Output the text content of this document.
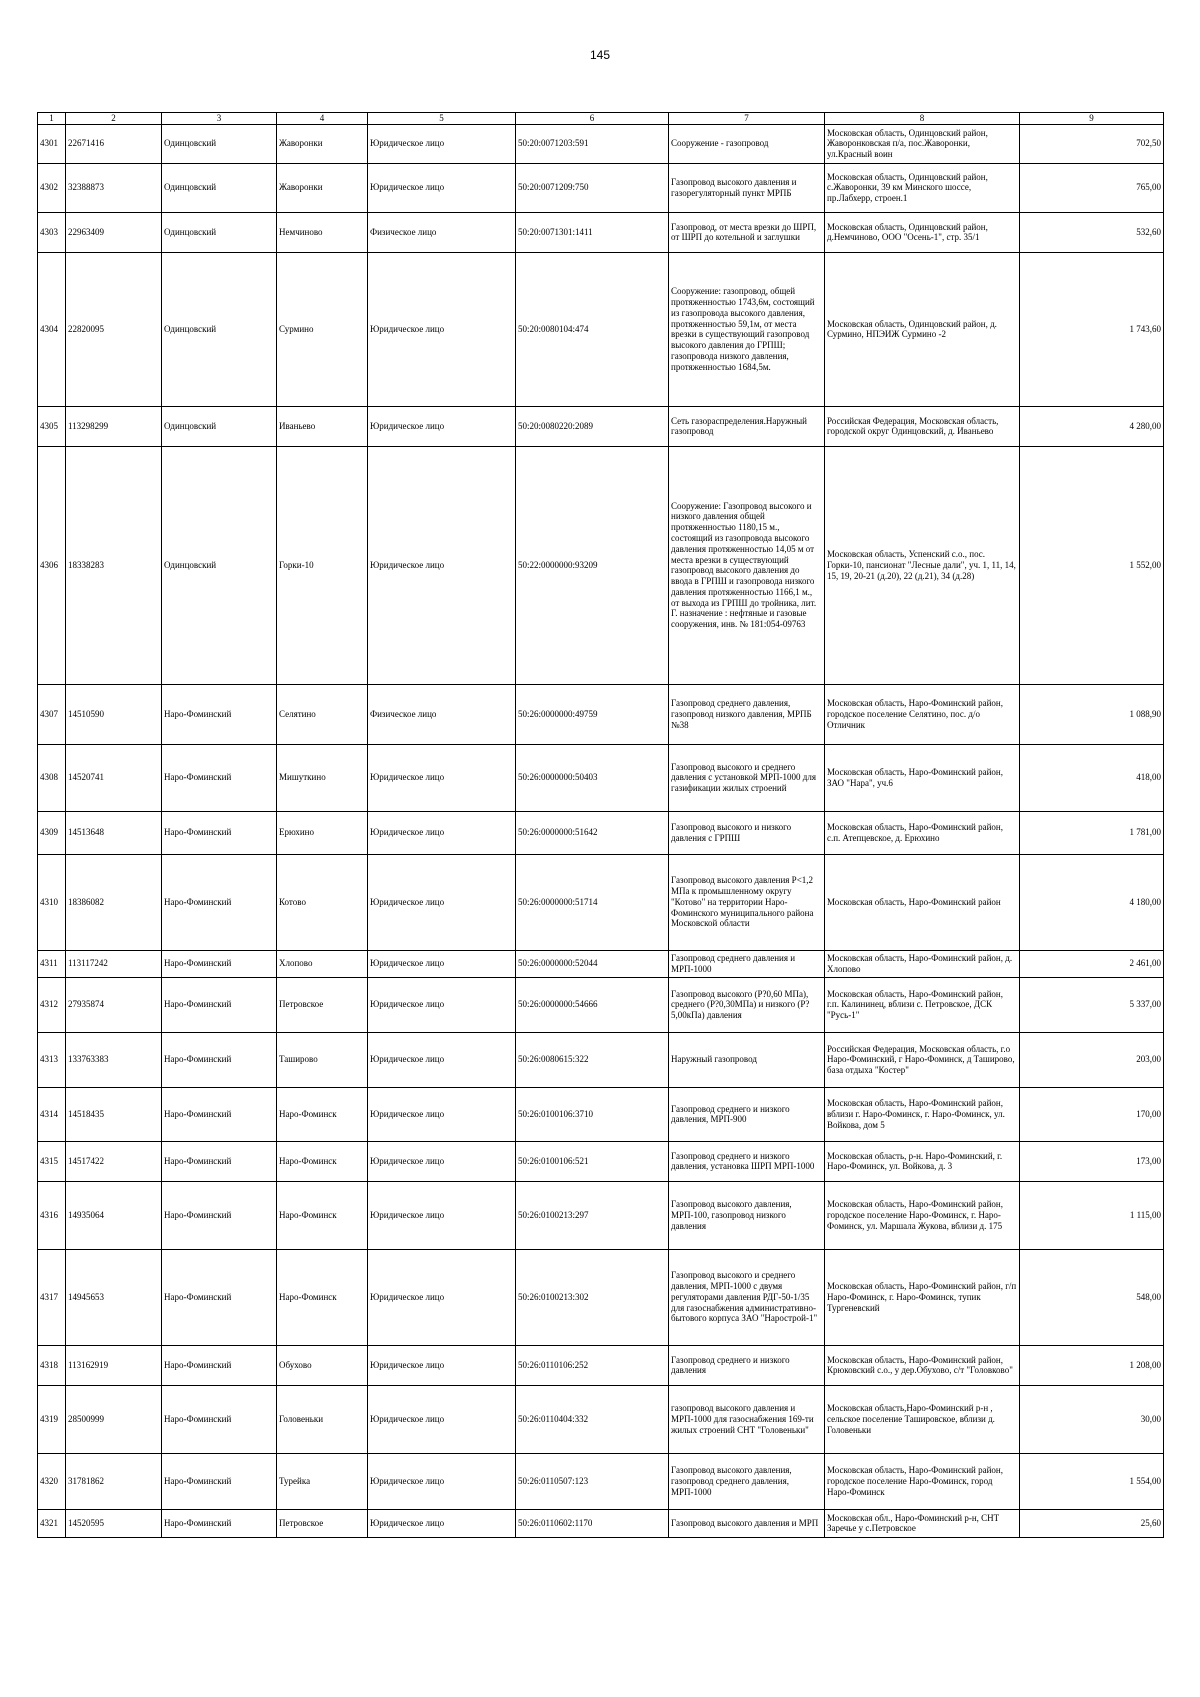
145
1	2	3	4	5	6	7	8	9
4301	22671416	Одинцовский	Жаворонки	Юридическое лицо	50:20:0071203:591	Сооружение - газопровод	Московская область, Одинцовский район, Жаворонковская п/а, пос.Жаворонки, ул.Красный воин	702,50
4302	32388873	Одинцовский	Жаворонки	Юридическое лицо	50:20:0071209:750	Газопровод высокого давления и газорегуляторный пункт МРПБ	Московская область, Одинцовский район, с.Жаворонки, 39 км Минского шоссе, пр.Лабхерр, строен.1	765,00
4303	22963409	Одинцовский	Немчиново	Физическое лицо	50:20:0071301:1411	Газопровод, от места врезки до ШРП, от ШРП до котельной и заглушки	Московская область, Одинцовский район, д.Немчиново, ООО "Осень-1", стр. 35/1	532,60
4304	22820095	Одинцовский	Сурмино	Юридическое лицо	50:20:0080104:474	Сооружение: газопровод, общей протяженностью 1743,6м, состоящий из газопровода высокого давления, протяженностью 59,1м, от места врезки в существующий газопровод высокого давления до ГРПШ; газопровода низкого давления, протяженностью 1684,5м.	Московская область, Одинцовский район, д. Сурмино, НПЭИЖ Сурмино -2	1 743,60
4305	113298299	Одинцовский	Иваньево	Юридическое лицо	50:20:0080220:2089	Сеть газораспределения.Наружный газопровод	Российская Федерация, Московская область, городской округ Одинцовский, д. Иваньево	4 280,00
4306	18338283	Одинцовский	Горки-10	Юридическое лицо	50:22:0000000:93209	Сооружение: Газопровод высокого и низкого давления общей протяженностью 1180,15 м., состоящий из газопровода высокого давления протяженностью 14,05 м от места врезки в существующий газопровод высокого давления до ввода в ГРПШ и газопровода низкого давления протяженностью 1166,1 м., от выхода из ГРПШ до тройника, лит. Г. назначение : нефтяные и газовые сооружения, инв. № 181:054-09763	Московская область, Успенский с.о., пос. Горки-10, пансионат "Лесные дали", уч. 1, 11, 14, 15, 19, 20-21 (д.20), 22 (д.21), 34 (д.28)	1 552,00
4307	14510590	Наро-Фоминский	Селятино	Физическое лицо	50:26:0000000:49759	Газопровод среднего давления, газопровод низкого давления, МРПБ №38	Московская область, Наро-Фоминский район, городское поселение Селятино, пос. д/о Отличник	1 088,90
4308	14520741	Наро-Фоминский	Мишуткино	Юридическое лицо	50:26:0000000:50403	Газопровод высокого и среднего давления с установкой МРП-1000 для газификации жилых строений	Московская область, Наро-Фоминский район, ЗАО "Нара", уч.6	418,00
4309	14513648	Наро-Фоминский	Ерюхино	Юридическое лицо	50:26:0000000:51642	Газопровод высокого и низкого давления с ГРПШ	Московская область, Наро-Фоминский район, с.п. Атепцевское, д. Ерюхино	1 781,00
4310	18386082	Наро-Фоминский	Котово	Юридическое лицо	50:26:0000000:51714	Газопровод высокого давления Р<1,2 МПа к промышленному округу "Котово" на территории Наро-Фоминского муниципального района Московской области	Московская область, Наро-Фоминский район	4 180,00
4311	113117242	Наро-Фоминский	Хлопово	Юридическое лицо	50:26:0000000:52044	Газопровод среднего давления и МРП-1000	Московская область, Наро-Фоминский район, д. Хлопово	2 461,00
4312	27935874	Наро-Фоминский	Петровское	Юридическое лицо	50:26:0000000:54666	Газопровод высокого (Р?0,60 МПа), среднего (Р?0,30МПа) и низкого (Р?5,00кПа) давления	Московская область, Наро-Фоминский район, г.п. Калининец, вблизи с. Петровское, ДСК "Русь-1"	5 337,00
4313	133763383	Наро-Фоминский	Таширово	Юридическое лицо	50:26:0080615:322	Наружный газопровод	Российская Федерация, Московская область, г.о Наро-Фоминский, г Наро-Фоминск, д Таширово, база отдыха "Костер"	203,00
4314	14518435	Наро-Фоминский	Наро-Фоминск	Юридическое лицо	50:26:0100106:3710	Газопровод среднего и низкого давления, МРП-900	Московская область, Наро-Фоминский район, вблизи г. Наро-Фоминск, г. Наро-Фоминск, ул. Войкова, дом 5	170,00
4315	14517422	Наро-Фоминский	Наро-Фоминск	Юридическое лицо	50:26:0100106:521	Газопровод среднего и низкого давления, установка ШРП МРП-1000	Московская область, р-н. Наро-Фоминский, г. Наро-Фоминск, ул. Войкова, д. 3	173,00
4316	14935064	Наро-Фоминский	Наро-Фоминск	Юридическое лицо	50:26:0100213:297	Газопровод высокого давления, МРП-100, газопровод низкого давления	Московская область, Наро-Фоминский район, городское поселение Наро-Фоминск, г. Наро-Фоминск, ул. Маршала Жукова, вблизи д. 175	1 115,00
4317	14945653	Наро-Фоминский	Наро-Фоминск	Юридическое лицо	50:26:0100213:302	Газопровод высокого и среднего давления, МРП-1000 с двумя регуляторами давления РДГ-50-1/35 для газоснабжения административно-бытового корпуса ЗАО "Нарострой-1"	Московская область, Наро-Фоминский район, г/п Наро-Фоминск, г. Наро-Фоминск, тупик Тургеневский	548,00
4318	113162919	Наро-Фоминский	Обухово	Юридическое лицо	50:26:0110106:252	Газопровод среднего и низкого давления	Московская область, Наро-Фоминский район, Крюковский с.о., у дер.Обухово, с/т "Головково"	1 208,00
4319	28500999	Наро-Фоминский	Головеньки	Юридическое лицо	50:26:0110404:332	газопровод высокого давления и МРП-1000 для газоснабжения 169-ти жилых строений СНТ "Головеньки"	Московская область,Наро-Фоминский р-н , сельское поселение Ташировское, вблизи д. Головеньки	30,00
4320	31781862	Наро-Фоминский	Турейка	Юридическое лицо	50:26:0110507:123	Газопровод высокого давления, газопровод среднего давления, МРП-1000	Московская область, Наро-Фоминский район, городское поселение Наро-Фоминск, город Наро-Фоминск	1 554,00
4321	14520595	Наро-Фоминский	Петровское	Юридическое лицо	50:26:0110602:1170	Газопровод высокого давления и МРП	Московская обл., Наро-Фоминский р-н, СНТ Заречье у с.Петровское	25,60
